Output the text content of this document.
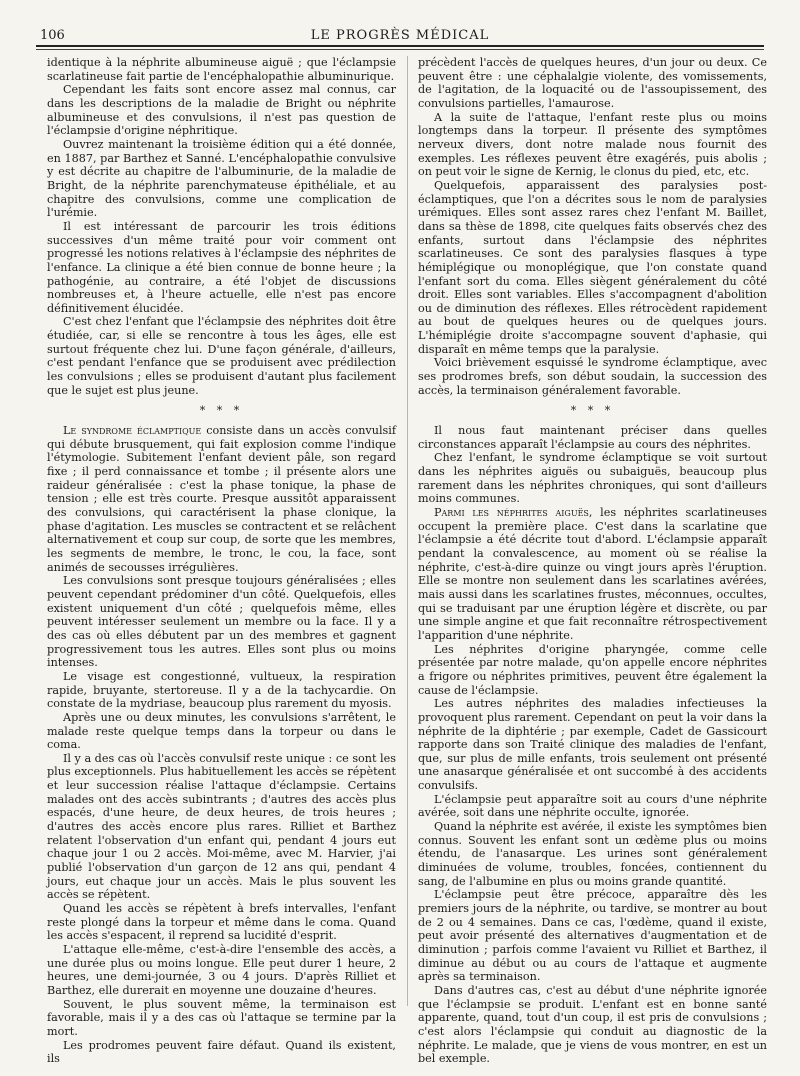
106	LE PROGRÈS MÉDICAL

identique à la néphrite albumineuse aiguë ; que l'éclampsie scarlatineuse fait partie de l'encéphalopathie albuminurique.

Cependant les faits sont encore assez mal connus, car dans les descriptions de la maladie de Bright ou néphrite albumineuse et des convulsions, il n'est pas question de l'éclampsie d'origine néphritique.

Ouvrez maintenant la troisième édition qui a été donnée, en 1887, par Barthez et Sanné. L'encéphalopathie convulsive y est décrite au chapitre de l'albuminurie, de la maladie de Bright, de la néphrite parenchymateuse épithéliale, et au chapitre des convulsions, comme une complication de l'urémie.

Il est intéressant de parcourir les trois éditions successives d'un même traité pour voir comment ont progressé les notions relatives à l'éclampsie des néphrites de l'enfance. La clinique a été bien connue de bonne heure ; la pathogénie, au contraire, a été l'objet de discussions nombreuses et, à l'heure actuelle, elle n'est pas encore définitivement élucidée.

C'est chez l'enfant que l'éclampsie des néphrites doit être étudiée, car, si elle se rencontre à tous les âges, elle est surtout fréquente chez lui. D'une façon générale, d'ailleurs, c'est pendant l'enfance que se produisent avec prédilection les convulsions ; elles se produisent d'autant plus facilement que le sujet est plus jeune.

* * *

Le syndrome éclamptique consiste dans un accès convulsif qui débute brusquement, qui fait explosion comme l'indique l'étymologie. Subitement l'enfant devient pâle, son regard fixe ; il perd connaissance et tombe ; il présente alors une raideur généralisée : c'est la phase tonique, la phase de tension ; elle est très courte. Presque aussitôt apparaissent des convulsions, qui caractérisent la phase clonique, la phase d'agitation. Les muscles se contractent et se relâchent alternativement et coup sur coup, de sorte que les membres, les segments de membre, le tronc, le cou, la face, sont animés de secousses irrégulières.

Les convulsions sont presque toujours généralisées ; elles peuvent cependant prédominer d'un côté. Quelquefois, elles existent uniquement d'un côté ; quelquefois même, elles peuvent intéresser seulement un membre ou la face. Il y a des cas où elles débutent par un des membres et gagnent progressivement tous les autres. Elles sont plus ou moins intenses.

Le visage est congestionné, vultueux, la respiration rapide, bruyante, stertoreuse. Il y a de la tachycardie. On constate de la mydriase, beaucoup plus rarement du myosis.

Après une ou deux minutes, les convulsions s'arrêtent, le malade reste quelque temps dans la torpeur ou dans le coma.

Il y a des cas où l'accès convulsif reste unique : ce sont les plus exceptionnels. Plus habituellement les accès se répètent et leur succession réalise l'attaque d'éclampsie. Certains malades ont des accès subintrants ; d'autres des accès plus espacés, d'une heure, de deux heures, de trois heures ; d'autres des accès encore plus rares. Rilliet et Barthez relatent l'observation d'un enfant qui, pendant 4 jours eut chaque jour 1 ou 2 accès. Moi-même, avec M. Harvier, j'ai publié l'observation d'un garçon de 12 ans qui, pendant 4 jours, eut chaque jour un accès. Mais le plus souvent les accès se répètent.

Quand les accès se répètent à brefs intervalles, l'enfant reste plongé dans la torpeur et même dans le coma. Quand les accès s'espacent, il reprend sa lucidité d'esprit.

L'attaque elle-même, c'est-à-dire l'ensemble des accès, a une durée plus ou moins longue. Elle peut durer 1 heure, 2 heures, une demi-journée, 3 ou 4 jours. D'après Rilliet et Barthez, elle durerait en moyenne une douzaine d'heures.

Souvent, le plus souvent même, la terminaison est favorable, mais il y a des cas où l'attaque se termine par la mort.

Les prodromes peuvent faire défaut. Quand ils existent, ils

précèdent l'accès de quelques heures, d'un jour ou deux. Ce peuvent être : une céphalalgie violente, des vomissements, de l'agitation, de la loquacité ou de l'assoupissement, des convulsions partielles, l'amaurose.

A la suite de l'attaque, l'enfant reste plus ou moins longtemps dans la torpeur. Il présente des symptômes nerveux divers, dont notre malade nous fournit des exemples. Les réflexes peuvent être exagérés, puis abolis ; on peut voir le signe de Kernig, le clonus du pied, etc, etc.

Quelquefois, apparaissent des paralysies post-éclamptiques, que l'on a décrites sous le nom de paralysies urémiques. Elles sont assez rares chez l'enfant M. Baillet, dans sa thèse de 1898, cite quelques faits observés chez des enfants, surtout dans l'éclampsie des néphrites scarlatineuses. Ce sont des paralysies flasques à type hémiplégique ou monoplégique, que l'on constate quand l'enfant sort du coma. Elles siègent généralement du côté droit. Elles sont variables. Elles s'accompagnent d'abolition ou de diminution des réflexes. Elles rétrocèdent rapidement au bout de quelques heures ou de quelques jours. L'hémiplégie droite s'accompagne souvent d'aphasie, qui disparaît en même temps que la paralysie.

Voici brièvement esquissé le syndrome éclamptique, avec ses prodromes brefs, son début soudain, la succession des accès, la terminaison généralement favorable.

* * *

Il nous faut maintenant préciser dans quelles circonstances apparaît l'éclampsie au cours des néphrites.

Chez l'enfant, le syndrome éclamptique se voit surtout dans les néphrites aiguës ou subaiguës, beaucoup plus rarement dans les néphrites chroniques, qui sont d'ailleurs moins communes.

Parmi les néphrites aiguës, les néphrites scarlatineuses occupent la première place. C'est dans la scarlatine que l'éclampsie a été décrite tout d'abord. L'éclampsie apparaît pendant la convalescence, au moment où se réalise la néphrite, c'est-à-dire quinze ou vingt jours après l'éruption. Elle se montre non seulement dans les scarlatines avérées, mais aussi dans les scarlatines frustes, méconnues, occultes, qui se traduisant par une éruption légère et discrète, ou par une simple angine et que fait reconnaître rétrospectivement l'apparition d'une néphrite.

Les néphrites d'origine pharyngée, comme celle présentée par notre malade, qu'on appelle encore néphrites a frigore ou néphrites primitives, peuvent être également la cause de l'éclampsie.

Les autres néphrites des maladies infectieuses la provoquent plus rarement. Cependant on peut la voir dans la néphrite de la diphtérie ; par exemple, Cadet de Gassicourt rapporte dans son Traité clinique des maladies de l'enfant, que, sur plus de mille enfants, trois seulement ont présenté une anasarque généralisée et ont succombé à des accidents convulsifs.

L'éclampsie peut apparaître soit au cours d'une néphrite avérée, soit dans une néphrite occulte, ignorée.

Quand la néphrite est avérée, il existe les symptômes bien connus. Souvent les enfant sont un œdème plus ou moins étendu, de l'anasarque. Les urines sont généralement diminuées de volume, troubles, foncées, contiennent du sang, de l'albumine en plus ou moins grande quantité.

L'éclampsie peut être précoce, apparaître dès les premiers jours de la néphrite, ou tardive, se montrer au bout de 2 ou 4 semaines. Dans ce cas, l'œdème, quand il existe, peut avoir présenté des alternatives d'augmentation et de diminution ; parfois comme l'avaient vu Rilliet et Barthez, il diminue au début ou au cours de l'attaque et augmente après sa terminaison.

Dans d'autres cas, c'est au début d'une néphrite ignorée que l'éclampsie se produit. L'enfant est en bonne santé apparente, quand, tout d'un coup, il est pris de convulsions ; c'est alors l'éclampsie qui conduit au diagnostic de la néphrite. Le malade, que je viens de vous montrer, en est un bel exemple.
